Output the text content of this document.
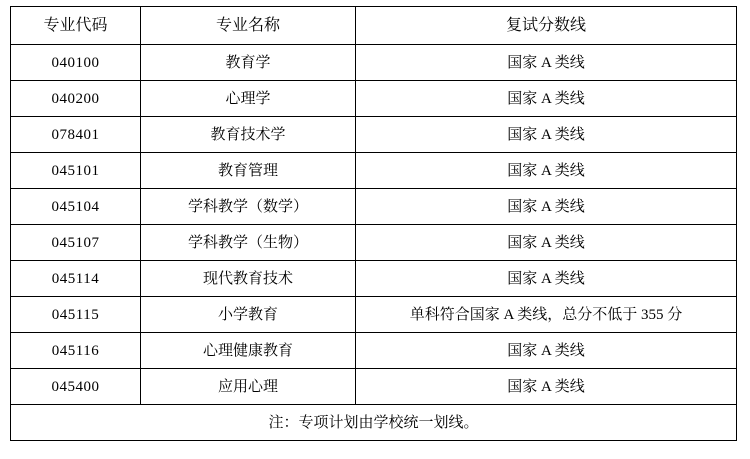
专业代码	专业名称	复试分数线
040100	教育学	国家 A 类线
040200	心理学	国家 A 类线
078401	教育技术学	国家 A 类线
045101	教育管理	国家 A 类线
045104	学科教学（数学）	国家 A 类线
045107	学科教学（生物）	国家 A 类线
045114	现代教育技术	国家 A 类线
045115	小学教育	单科符合国家 A 类线，总分不低于 355 分
045116	心理健康教育	国家 A 类线
045400	应用心理	国家 A 类线
注：专项计划由学校统一划线。		
